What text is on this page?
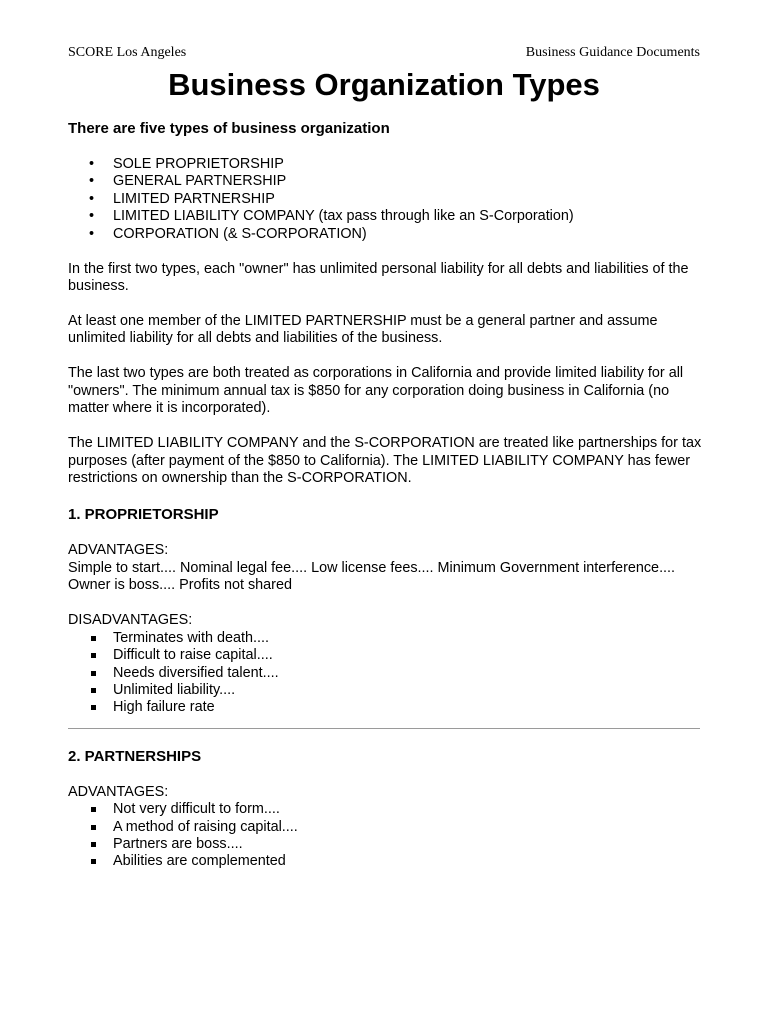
SCORE Los Angeles	Business Guidance Documents
Business Organization Types
There are five types of business organization
• SOLE PROPRIETORSHIP
• GENERAL PARTNERSHIP
• LIMITED PARTNERSHIP
• LIMITED LIABILITY COMPANY (tax pass through like an S-Corporation)
• CORPORATION (& S-CORPORATION)

In the first two types, each "owner" has unlimited personal liability for all debts and liabilities of the business.

At least one member of the LIMITED PARTNERSHIP must be a general partner and assume unlimited liability for all debts and liabilities of the business.

The last two types are both treated as corporations in California and provide limited liability for all "owners". The minimum annual tax is $850 for any corporation doing business in California (no matter where it is incorporated).

The LIMITED LIABILITY COMPANY and the S-CORPORATION are treated like partnerships for tax purposes (after payment of the $850 to California). The LIMITED LIABILITY COMPANY has fewer restrictions on ownership than the S-CORPORATION.

1. PROPRIETORSHIP

ADVANTAGES:

Simple to start.... Nominal legal fee.... Low license fees.... Minimum Government interference.... Owner is boss.... Profits not shared

DISADVANTAGES:

Terminates with death....
Difficult to raise capital....
Needs diversified talent....
Unlimited liability....
High failure rate
2. PARTNERSHIPS

ADVANTAGES:

Not very difficult to form....
A method of raising capital....
Partners are boss....
Abilities are complemented
